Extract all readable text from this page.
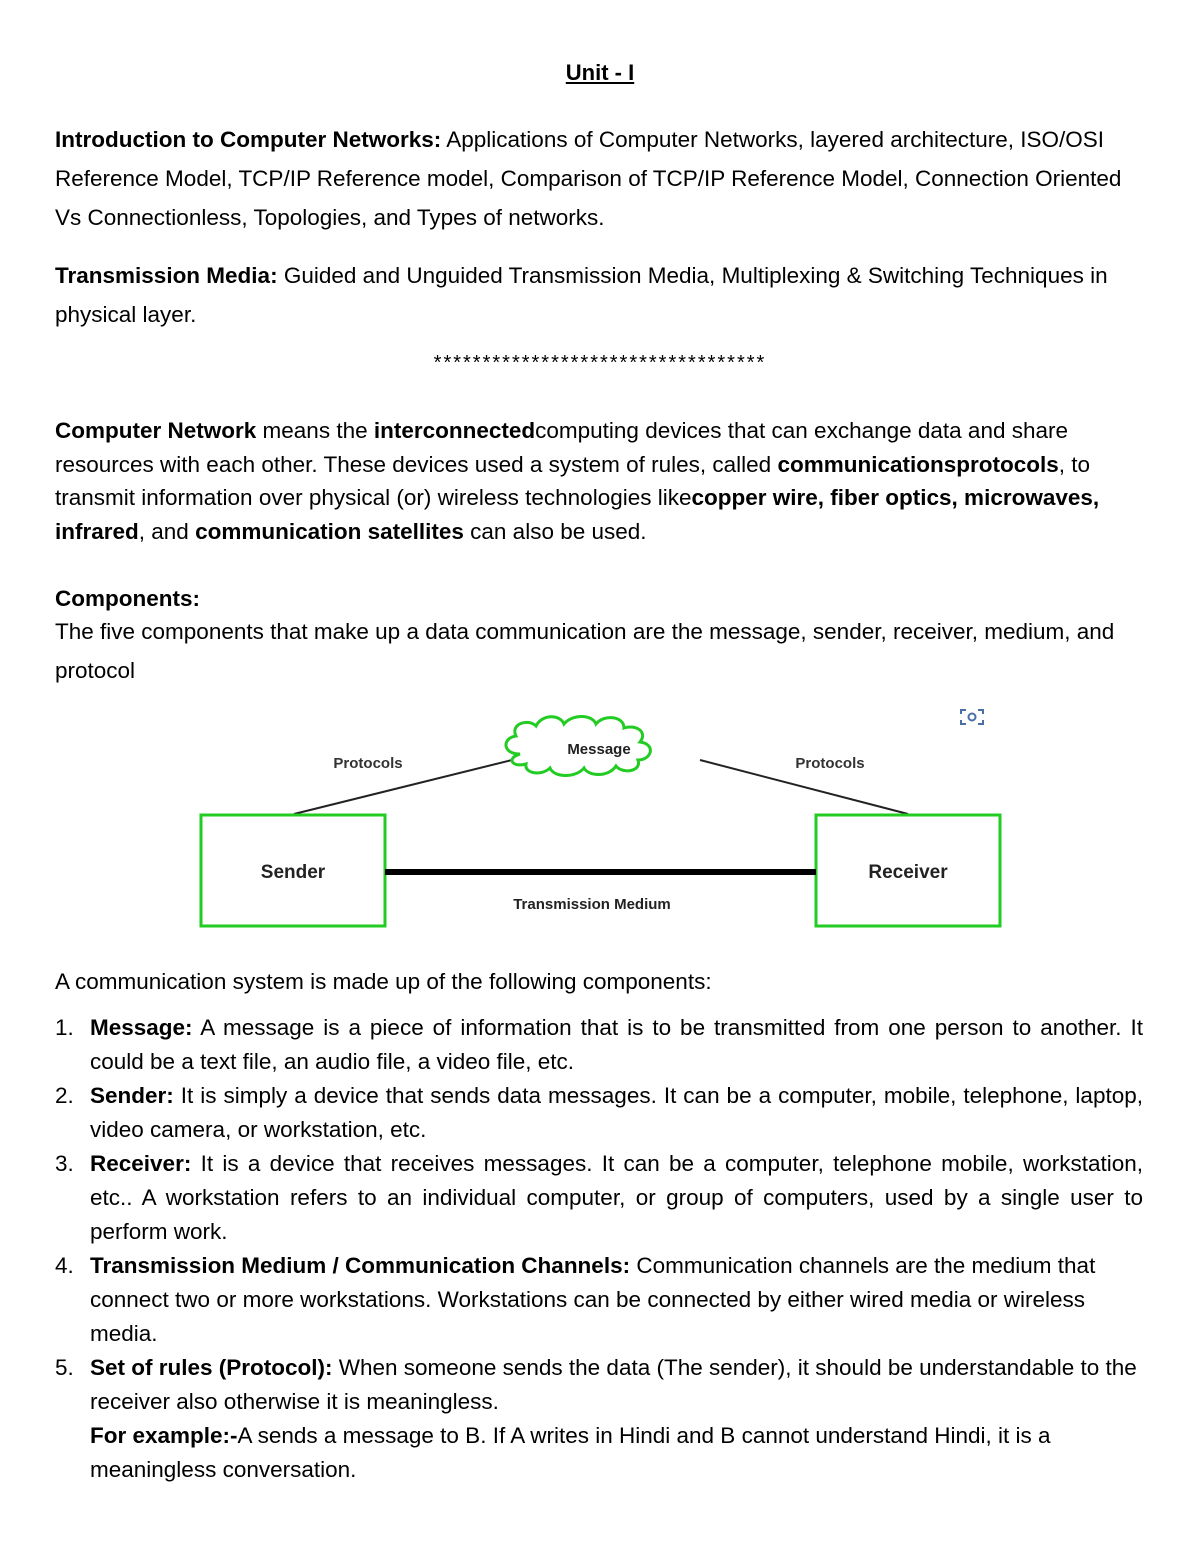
Unit - I

Introduction to Computer Networks: Applications of Computer Networks, layered architecture, ISO/OSI Reference Model, TCP/IP Reference model, Comparison of TCP/IP Reference Model, Connection Oriented Vs Connectionless, Topologies, and Types of networks.

Transmission Media: Guided and Unguided Transmission Media, Multiplexing & Switching Techniques in physical layer.

**********************************

Computer Network means the interconnectedcomputing devices that can exchange data and share resources with each other. These devices used a system of rules, called communicationsprotocols, to transmit information over physical (or) wireless technologies likecopper wire, fiber optics, microwaves, infrared, and communication satellites can also be used.

Components:

The five components that make up a data communication are the message, sender, receiver, medium, and protocol

Message
Protocols	Protocols
Sender	Receiver
Transmission Medium

A communication system is made up of the following components:

1. Message: A message is a piece of information that is to be transmitted from one person to another. It could be a text file, an audio file, a video file, etc.
2. Sender: It is simply a device that sends data messages. It can be a computer, mobile, telephone, laptop, video camera, or workstation, etc.
3. Receiver: It is a device that receives messages. It can be a computer, telephone mobile, workstation, etc.. A workstation refers to an individual computer, or group of computers, used by a single user to perform work.
4. Transmission Medium / Communication Channels: Communication channels are the medium that connect two or more workstations. Workstations can be connected by either wired media or wireless media.
5. Set of rules (Protocol): When someone sends the data (The sender), it should be understandable to the receiver also otherwise it is meaningless.
For example:-A sends a message to B. If A writes in Hindi and B cannot understand Hindi, it is a meaningless conversation.
